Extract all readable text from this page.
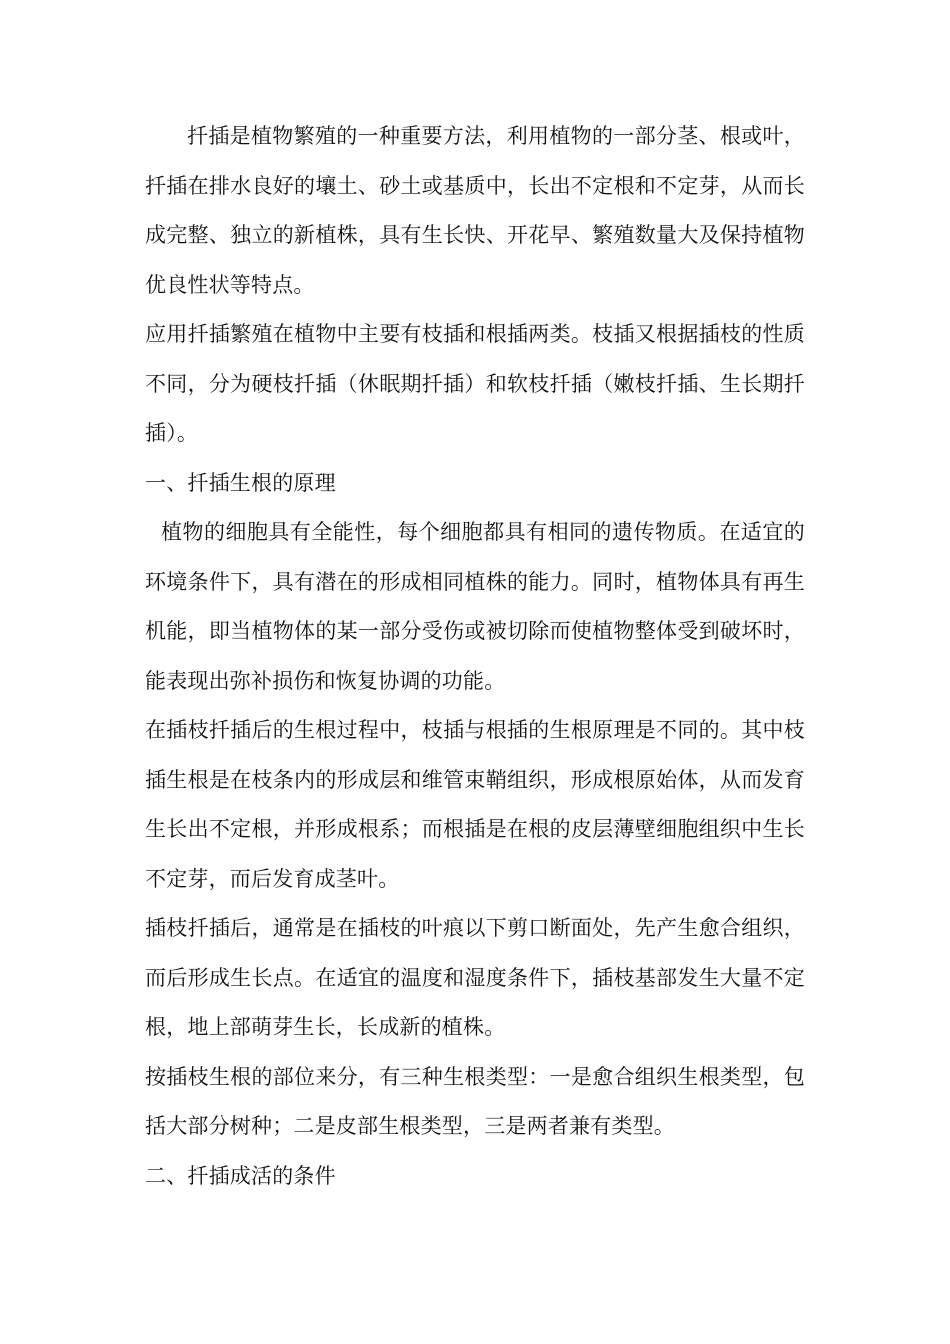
扦插是植物繁殖的一种重要方法，利用植物的一部分茎、根或叶，扦插在排水良好的壤土、砂土或基质中，长出不定根和不定芽，从而长成完整、独立的新植株，具有生长快、开花早、繁殖数量大及保持植物优良性状等特点。

应用扦插繁殖在植物中主要有枝插和根插两类。枝插又根据插枝的性质不同，分为硬枝扦插（休眠期扦插）和软枝扦插（嫩枝扦插、生长期扦插）。

一、扦插生根的原理

植物的细胞具有全能性，每个细胞都具有相同的遗传物质。在适宜的环境条件下，具有潜在的形成相同植株的能力。同时，植物体具有再生机能，即当植物体的某一部分受伤或被切除而使植物整体受到破坏时，能表现出弥补损伤和恢复协调的功能。

在插枝扦插后的生根过程中，枝插与根插的生根原理是不同的。其中枝插生根是在枝条内的形成层和维管束鞘组织，形成根原始体，从而发育生长出不定根，并形成根系；而根插是在根的皮层薄壁细胞组织中生长不定芽，而后发育成茎叶。

插枝扦插后，通常是在插枝的叶痕以下剪口断面处，先产生愈合组织，而后形成生长点。在适宜的温度和湿度条件下，插枝基部发生大量不定根，地上部萌芽生长，长成新的植株。

按插枝生根的部位来分，有三种生根类型：一是愈合组织生根类型，包括大部分树种；二是皮部生根类型，三是两者兼有类型。

二、扦插成活的条件
